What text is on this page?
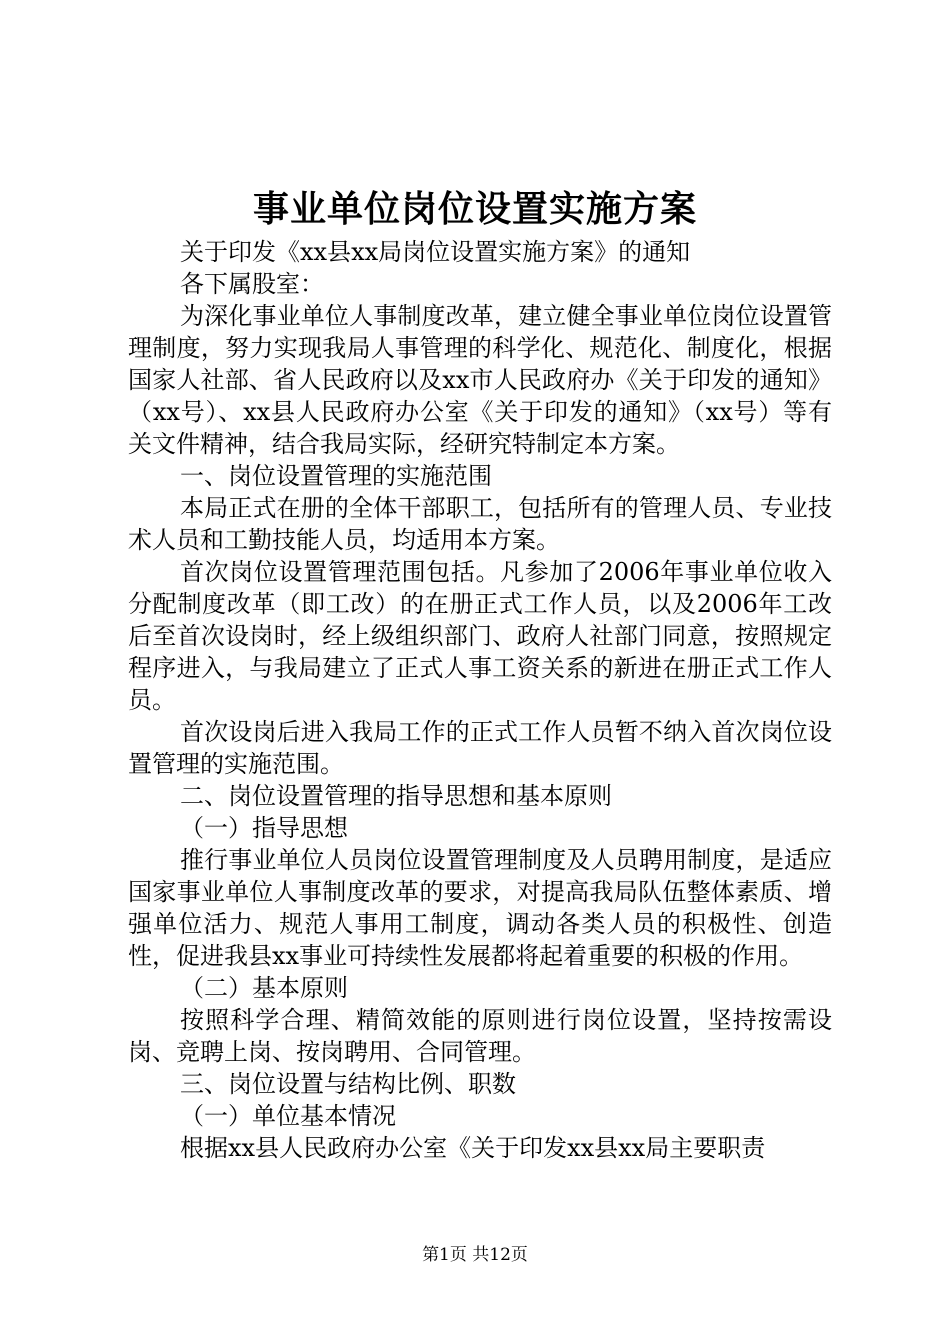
事业单位岗位设置实施方案

关于印发《xx县xx局岗位设置实施方案》的通知

各下属股室：

为深化事业单位人事制度改革，建立健全事业单位岗位设置管理制度，努力实现我局人事管理的科学化、规范化、制度化，根据国家人社部、省人民政府以及xx市人民政府办《关于印发的通知》（xx号）、xx县人民政府办公室《关于印发的通知》（xx号）等有关文件精神，结合我局实际，经研究特制定本方案。

一、岗位设置管理的实施范围

本局正式在册的全体干部职工，包括所有的管理人员、专业技术人员和工勤技能人员，均适用本方案。

首次岗位设置管理范围包括。凡参加了2006年事业单位收入分配制度改革（即工改）的在册正式工作人员，以及2006年工改后至首次设岗时，经上级组织部门、政府人社部门同意，按照规定程序进入，与我局建立了正式人事工资关系的新进在册正式工作人员。

首次设岗后进入我局工作的正式工作人员暂不纳入首次岗位设置管理的实施范围。

二、岗位设置管理的指导思想和基本原则

（一）指导思想

推行事业单位人员岗位设置管理制度及人员聘用制度，是适应国家事业单位人事制度改革的要求，对提高我局队伍整体素质、增强单位活力、规范人事用工制度，调动各类人员的积极性、创造性，促进我县xx事业可持续性发展都将起着重要的积极的作用。

（二）基本原则

按照科学合理、精简效能的原则进行岗位设置，坚持按需设岗、竞聘上岗、按岗聘用、合同管理。

三、岗位设置与结构比例、职数

（一）单位基本情况

根据xx县人民政府办公室《关于印发xx县xx局主要职责

第1页 共12页
